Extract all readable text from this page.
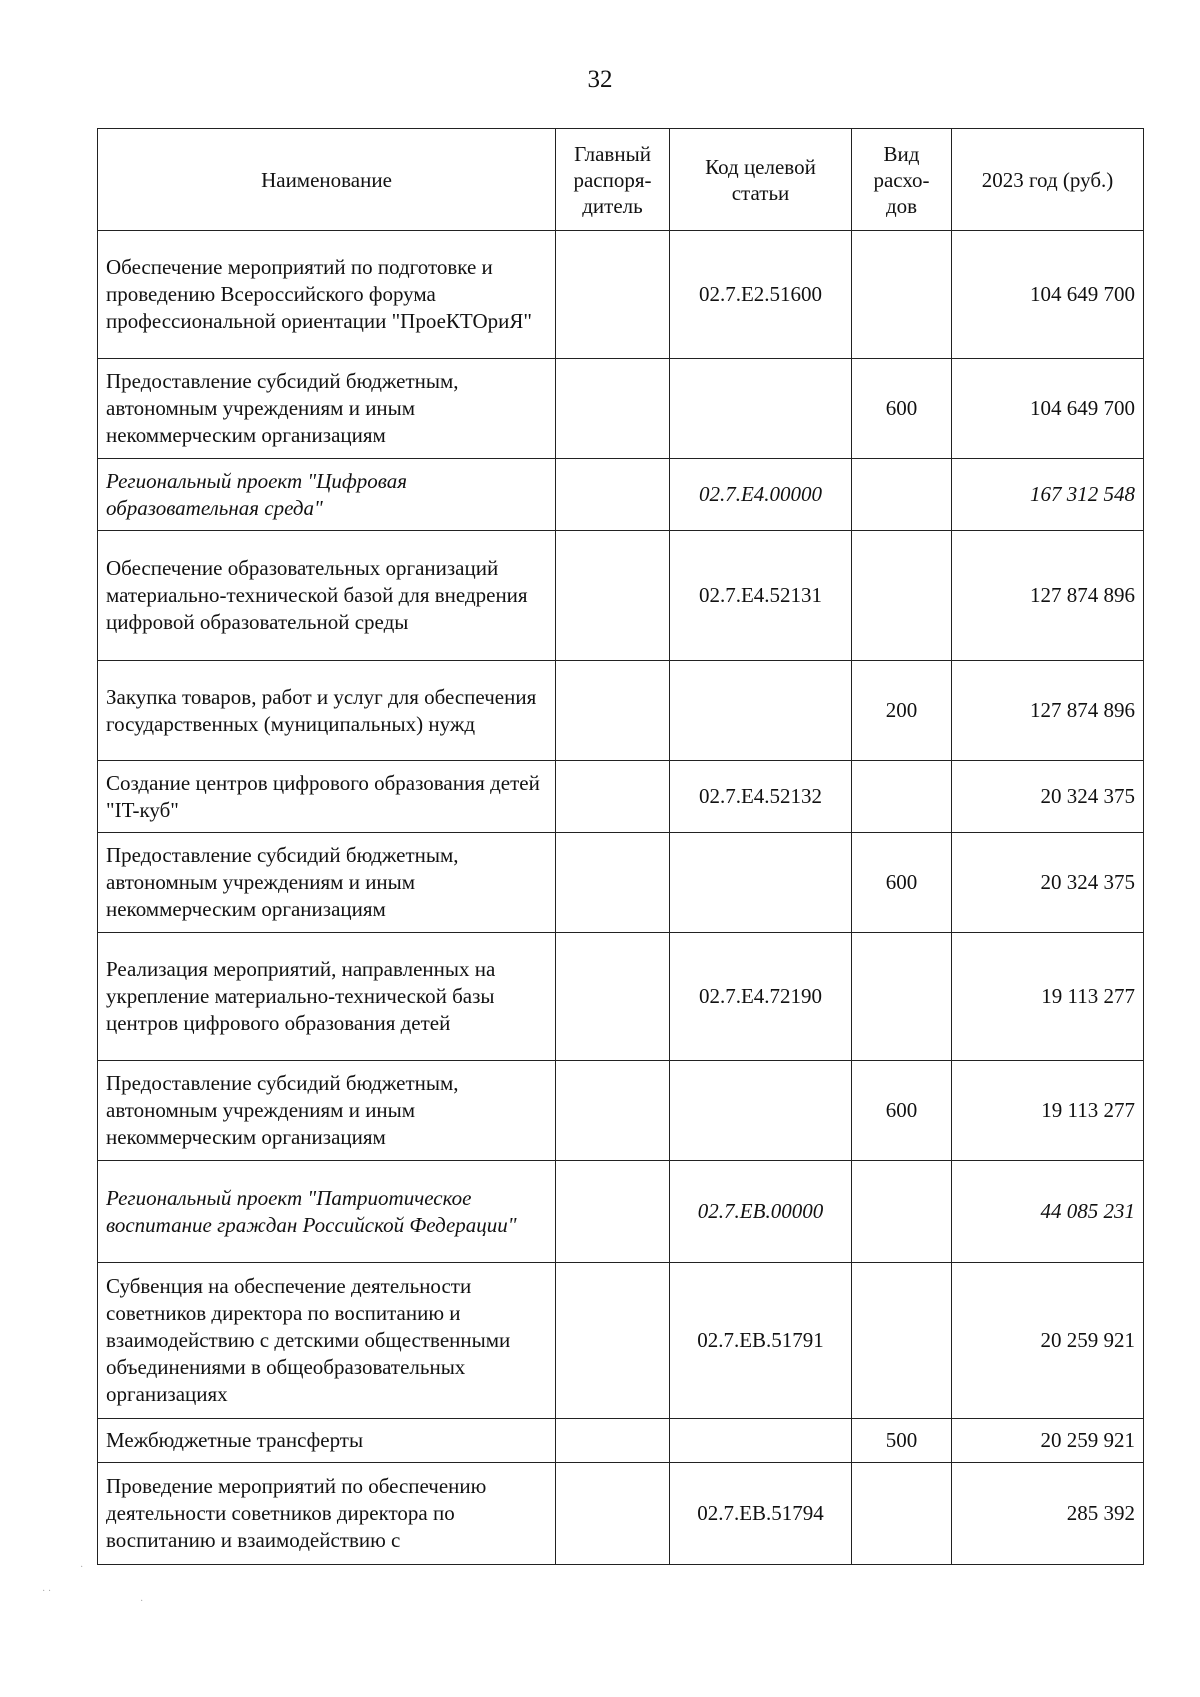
32
Наименование	Главный распоря-дитель	Код целевой статьи	Вид расхо-дов	2023 год (руб.)
Обеспечение мероприятий по подготовке и проведению Всероссийского форума профессиональной ориентации "ПроеКТОриЯ"		02.7.E2.51600		104 649 700
Предоставление субсидий бюджетным, автономным учреждениям и иным некоммерческим организациям			600	104 649 700
Региональный проект "Цифровая образовательная среда"		02.7.E4.00000		167 312 548
Обеспечение образовательных организаций материально-технической базой для внедрения цифровой образовательной среды		02.7.E4.52131		127 874 896
Закупка товаров, работ и услуг для обеспечения государственных (муниципальных) нужд			200	127 874 896
Создание центров цифрового образования детей "IT-куб"		02.7.E4.52132		20 324 375
Предоставление субсидий бюджетным, автономным учреждениям и иным некоммерческим организациям			600	20 324 375
Реализация мероприятий, направленных на укрепление материально-технической базы центров цифрового образования детей		02.7.E4.72190		19 113 277
Предоставление субсидий бюджетным, автономным учреждениям и иным некоммерческим организациям			600	19 113 277
Региональный проект "Патриотическое воспитание граждан Российской Федерации"		02.7.EB.00000		44 085 231
Субвенция на обеспечение деятельности советников директора по воспитанию и взаимодействию с детскими общественными объединениями в общеобразовательных организациях		02.7.EB.51791		20 259 921
Межбюджетные трансферты			500	20 259 921
Проведение мероприятий по обеспечению деятельности советников директора по воспитанию и взаимодействию с		02.7.EB.51794		285 392
·
· ·
·
